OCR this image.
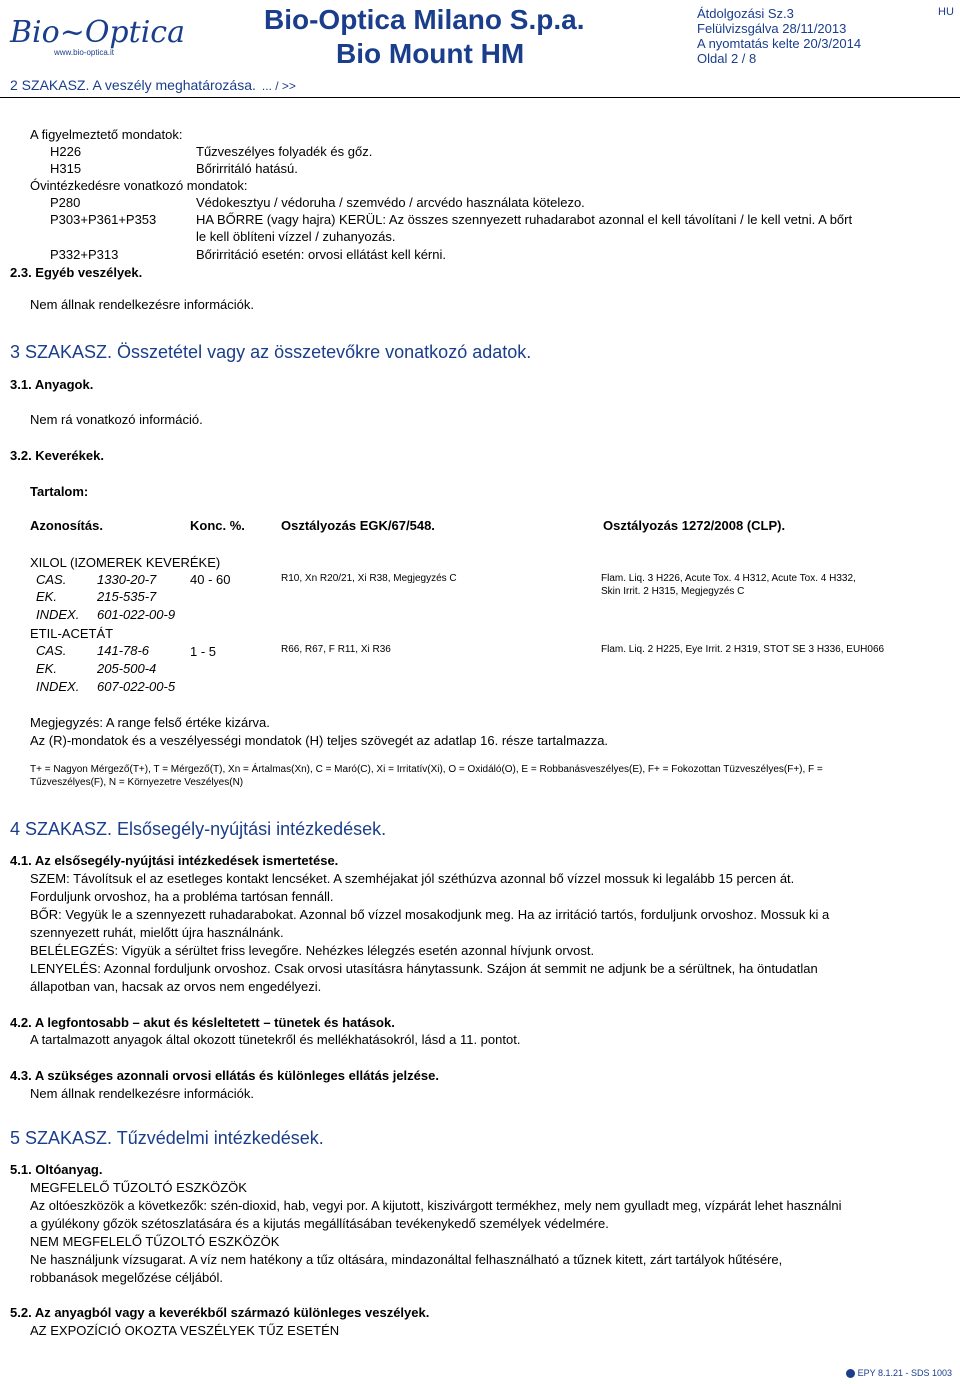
Bio~Optica
www.bio-optica.it
Bio-Optica Milano S.p.a.
Bio Mount HM
Átdolgozási Sz.3
Felülvizsgálva 28/11/2013
A nyomtatás kelte 20/3/2014
Oldal 2 / 8
HU
2 SZAKASZ. A veszély meghatározása. ... / >>
A figyelmeztető mondatok:
H226	Tűzveszélyes folyadék és gőz.
H315	Bőrirritáló hatású.
Óvintézkedésre vonatkozó mondatok:
P280	Védokesztyu / védoruha / szemvédo / arcvédo használata kötelezo.
P303+P361+P353	HA BŐRRE (vagy hajra) KERÜL: Az összes szennyezett ruhadarabot azonnal el kell távolítani / le kell vetni. A bőrt
le kell öblíteni vízzel / zuhanyozás.
P332+P313	Bőrirritáció esetén: orvosi ellátást kell kérni.
2.3. Egyéb veszélyek.
Nem állnak rendelkezésre információk.
3 SZAKASZ. Összetétel vagy az összetevőkre vonatkozó adatok.
3.1. Anyagok.
Nem rá vonatkozó információ.
3.2. Keverékek.
Tartalom:
Azonosítás.	Konc. %.	Osztályozás EGK/67/548.	Osztályozás 1272/2008 (CLP).
XILOL (IZOMEREK KEVERÉKE)
CAS. 1330-20-7
EK.	215-535-7
INDEX. 601-022-00-9
40 - 60	R10, Xn R20/21, Xi R38, Megjegyzés C	Flam. Liq. 3 H226, Acute Tox. 4 H312, Acute Tox. 4 H332,
Skin Irrit. 2 H315, Megjegyzés C
ETIL-ACETÁT
CAS. 141-78-6
EK.	205-500-4
INDEX. 607-022-00-5
1 - 5	R66, R67, F R11, Xi R36	Flam. Liq. 2 H225, Eye Irrit. 2 H319, STOT SE 3 H336, EUH066
Megjegyzés: A range felső értéke kizárva.
Az (R)-mondatok és a veszélyességi mondatok (H) teljes szövegét az adatlap 16. része tartalmazza.
T+ = Nagyon Mérgező(T+), T = Mérgező(T), Xn = Ártalmas(Xn), C = Maró(C), Xi = Irritatív(Xi), O = Oxidáló(O), E = Robbanásveszélyes(E), F+ = Fokozottan Tüzveszélyes(F+), F =
Tűzveszélyes(F), N = Környezetre Veszélyes(N)
4 SZAKASZ. Elsősegély-nyújtási intézkedések.
4.1. Az elsősegély-nyújtási intézkedések ismertetése.
SZEM: Távolítsuk el az esetleges kontakt lencséket. A szemhéjakat jól széthúzva azonnal bő vízzel mossuk ki legalább 15 percen át.
Forduljunk orvoshoz, ha a probléma tartósan fennáll.
BŐR: Vegyük le a szennyezett ruhadarabokat. Azonnal bő vízzel mosakodjunk meg. Ha az irritáció tartós, forduljunk orvoshoz. Mossuk ki a
szennyezett ruhát, mielőtt újra használnánk.
BELÉLEGZÉS: Vigyük a sérültet friss levegőre. Nehézkes lélegzés esetén azonnal hívjunk orvost.
LENYELÉS: Azonnal forduljunk orvoshoz. Csak orvosi utasításra hánytassunk. Szájon át semmit ne adjunk be a sérültnek, ha öntudatlan
állapotban van, hacsak az orvos nem engedélyezi.
4.2. A legfontosabb – akut és késleltetett – tünetek és hatások.
A tartalmazott anyagok által okozott tünetekről és mellékhatásokról, lásd a 11. pontot.
4.3. A szükséges azonnali orvosi ellátás és különleges ellátás jelzése.
Nem állnak rendelkezésre információk.
5 SZAKASZ. Tűzvédelmi intézkedések.
5.1. Oltóanyag.
MEGFELELŐ TŰZOLTÓ ESZKÖZÖK
Az oltóeszközök a következők: szén-dioxid, hab, vegyi por. A kijutott, kiszivárgott termékhez, mely nem gyulladt meg, vízpárát lehet használni
a gyúlékony gőzök szétoszlatására és a kijutás megállításában tevékenykedő személyek védelmére.
NEM MEGFELELŐ TŰZOLTÓ ESZKÖZÖK
Ne használjunk vízsugarat. A víz nem hatékony a tűz oltására, mindazonáltal felhasználható a tűznek kitett, zárt tartályok hűtésére,
robbanások megelőzése céljából.
5.2. Az anyagból vagy a keverékből származó különleges veszélyek.
AZ EXPOZÍCIÓ OKOZTA VESZÉLYEK TŰZ ESETÉN
EPY 8.1.21 - SDS 1003
